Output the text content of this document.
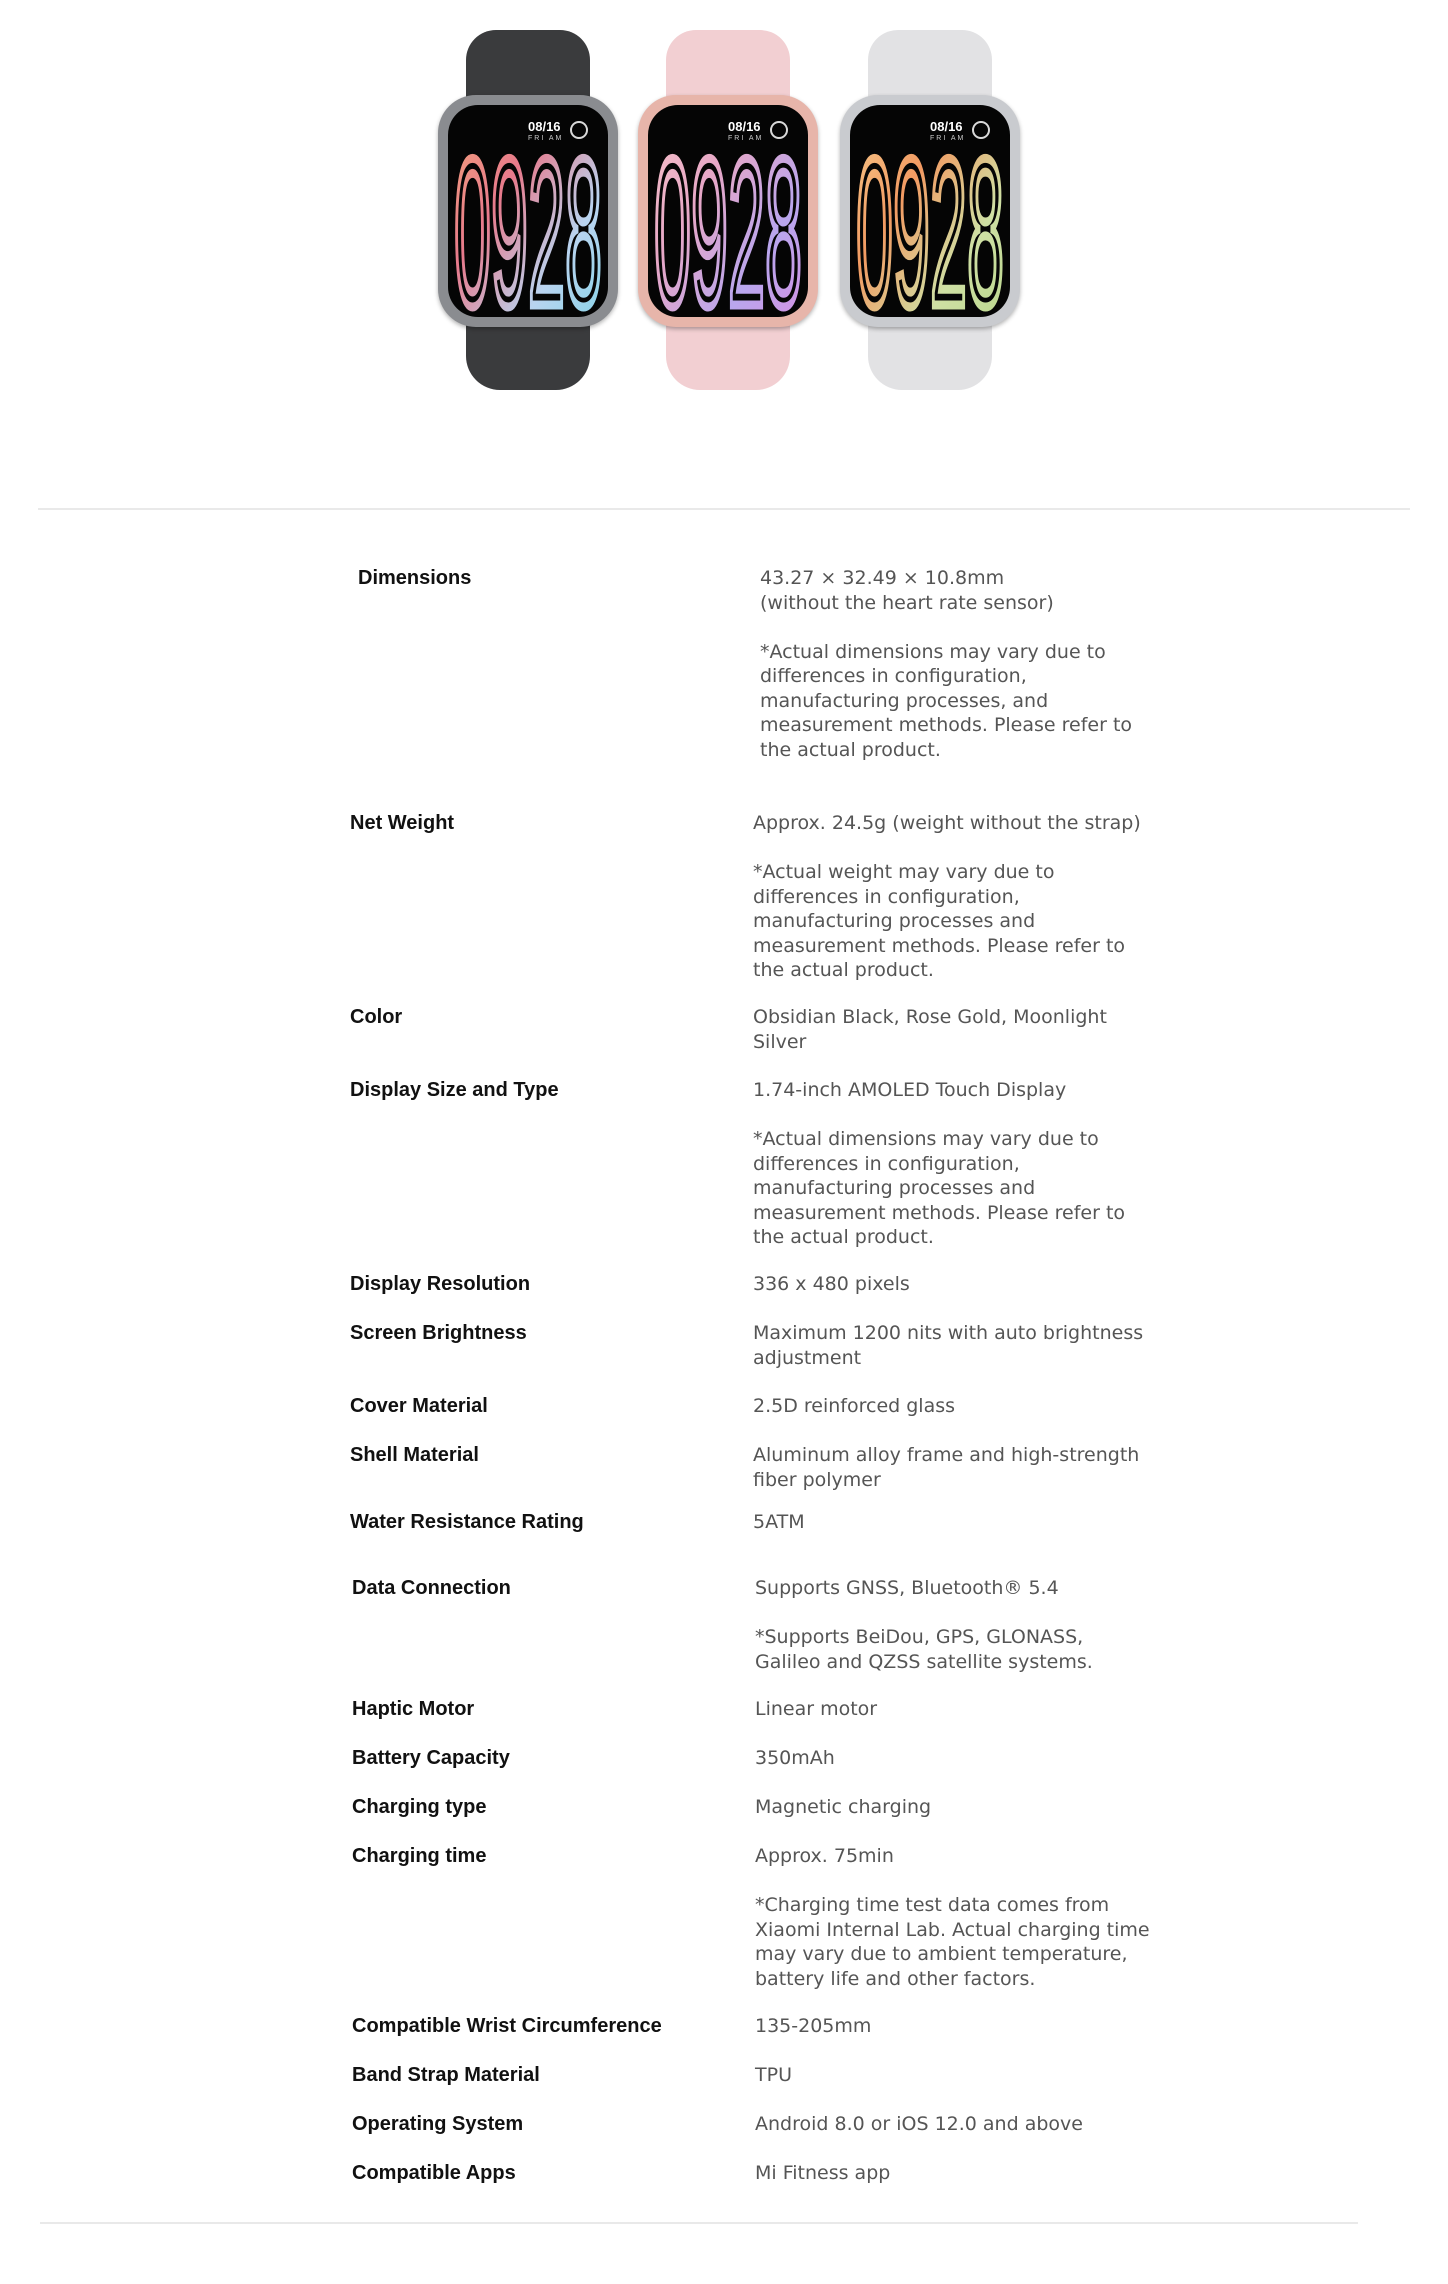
0928
08/16
FRI AM 0928
08/16
FRI AM 0928
08/16
FRI AM
Dimensions	43.27 × 32.49 × 10.8mm
(without the heart rate sensor)
*Actual dimensions may vary due to
differences in configuration,
manufacturing processes, and
measurement methods. Please refer to
the actual product.
Net Weight	Approx. 24.5g (weight without the strap)
*Actual weight may vary due to
differences in configuration,
manufacturing processes and
measurement methods. Please refer to
the actual product.
Color	Obsidian Black, Rose Gold, Moonlight
Silver
Display Size and Type	1.74-inch AMOLED Touch Display
*Actual dimensions may vary due to
differences in configuration,
manufacturing processes and
measurement methods. Please refer to
the actual product.
Display Resolution	336 x 480 pixels
Screen Brightness	Maximum 1200 nits with auto brightness
adjustment
Cover Material	2.5D reinforced glass
Shell Material	Aluminum alloy frame and high-strength
fiber polymer
Water Resistance Rating	5ATM
Data Connection	Supports GNSS, Bluetooth® 5.4
*Supports BeiDou, GPS, GLONASS,
Galileo and QZSS satellite systems.
Haptic Motor	Linear motor
Battery Capacity	350mAh
Charging type	Magnetic charging
Charging time	Approx. 75min
*Charging time test data comes from
Xiaomi Internal Lab. Actual charging time
may vary due to ambient temperature,
battery life and other factors.
Compatible Wrist Circumference	135-205mm
Band Strap Material	TPU
Operating System	Android 8.0 or iOS 12.0 and above
Compatible Apps	Mi Fitness app
